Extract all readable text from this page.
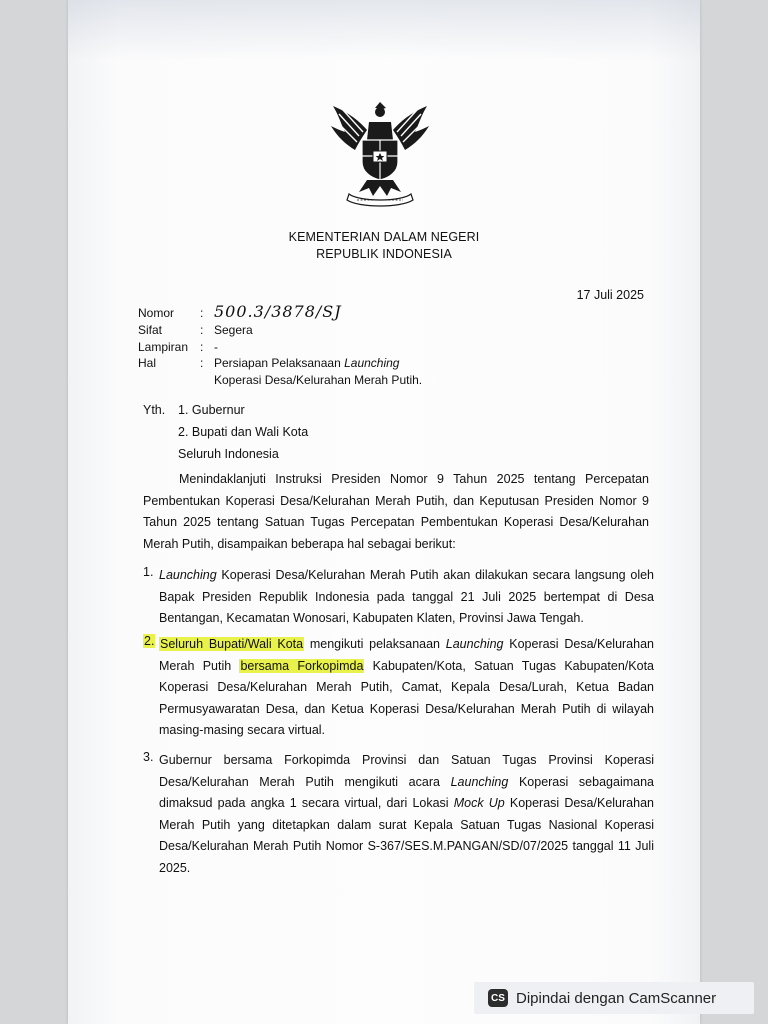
KEMENTERIAN DALAM NEGERI
REPUBLIK INDONESIA
17 Juli 2025
Nomor	: 500.3/3878/SJ
Sifat	: Segera
Lampiran : -
Hal	: Persiapan Pelaksanaan Launching
Koperasi Desa/Kelurahan Merah Putih.
Yth. 1. Gubernur
2. Bupati dan Wali Kota
Seluruh Indonesia
Menindaklanjuti Instruksi Presiden Nomor 9 Tahun 2025 tentang Percepatan Pembentukan Koperasi Desa/Kelurahan Merah Putih, dan Keputusan Presiden Nomor 9 Tahun 2025 tentang Satuan Tugas Percepatan Pembentukan Koperasi Desa/Kelurahan Merah Putih, disampaikan beberapa hal sebagai berikut:
1. Launching Koperasi Desa/Kelurahan Merah Putih akan dilakukan secara langsung oleh Bapak Presiden Republik Indonesia pada tanggal 21 Juli 2025 bertempat di Desa Bentangan, Kecamatan Wonosari, Kabupaten Klaten, Provinsi Jawa Tengah.
2. Seluruh Bupati/Wali Kota mengikuti pelaksanaan Launching Koperasi Desa/Kelurahan Merah Putih bersama Forkopimda Kabupaten/Kota, Satuan Tugas Kabupaten/Kota Koperasi Desa/Kelurahan Merah Putih, Camat, Kepala Desa/Lurah, Ketua Badan Permusyawaratan Desa, dan Ketua Koperasi Desa/Kelurahan Merah Putih di wilayah masing-masing secara virtual.
3. Gubernur bersama Forkopimda Provinsi dan Satuan Tugas Provinsi Koperasi Desa/Kelurahan Merah Putih mengikuti acara Launching Koperasi sebagaimana dimaksud pada angka 1 secara virtual, dari Lokasi Mock Up Koperasi Desa/Kelurahan Merah Putih yang ditetapkan dalam surat Kepala Satuan Tugas Nasional Koperasi Desa/Kelurahan Merah Putih Nomor S-367/SES.M.PANGAN/SD/07/2025 tanggal 11 Juli 2025.
CS Dipindai dengan CamScanner
